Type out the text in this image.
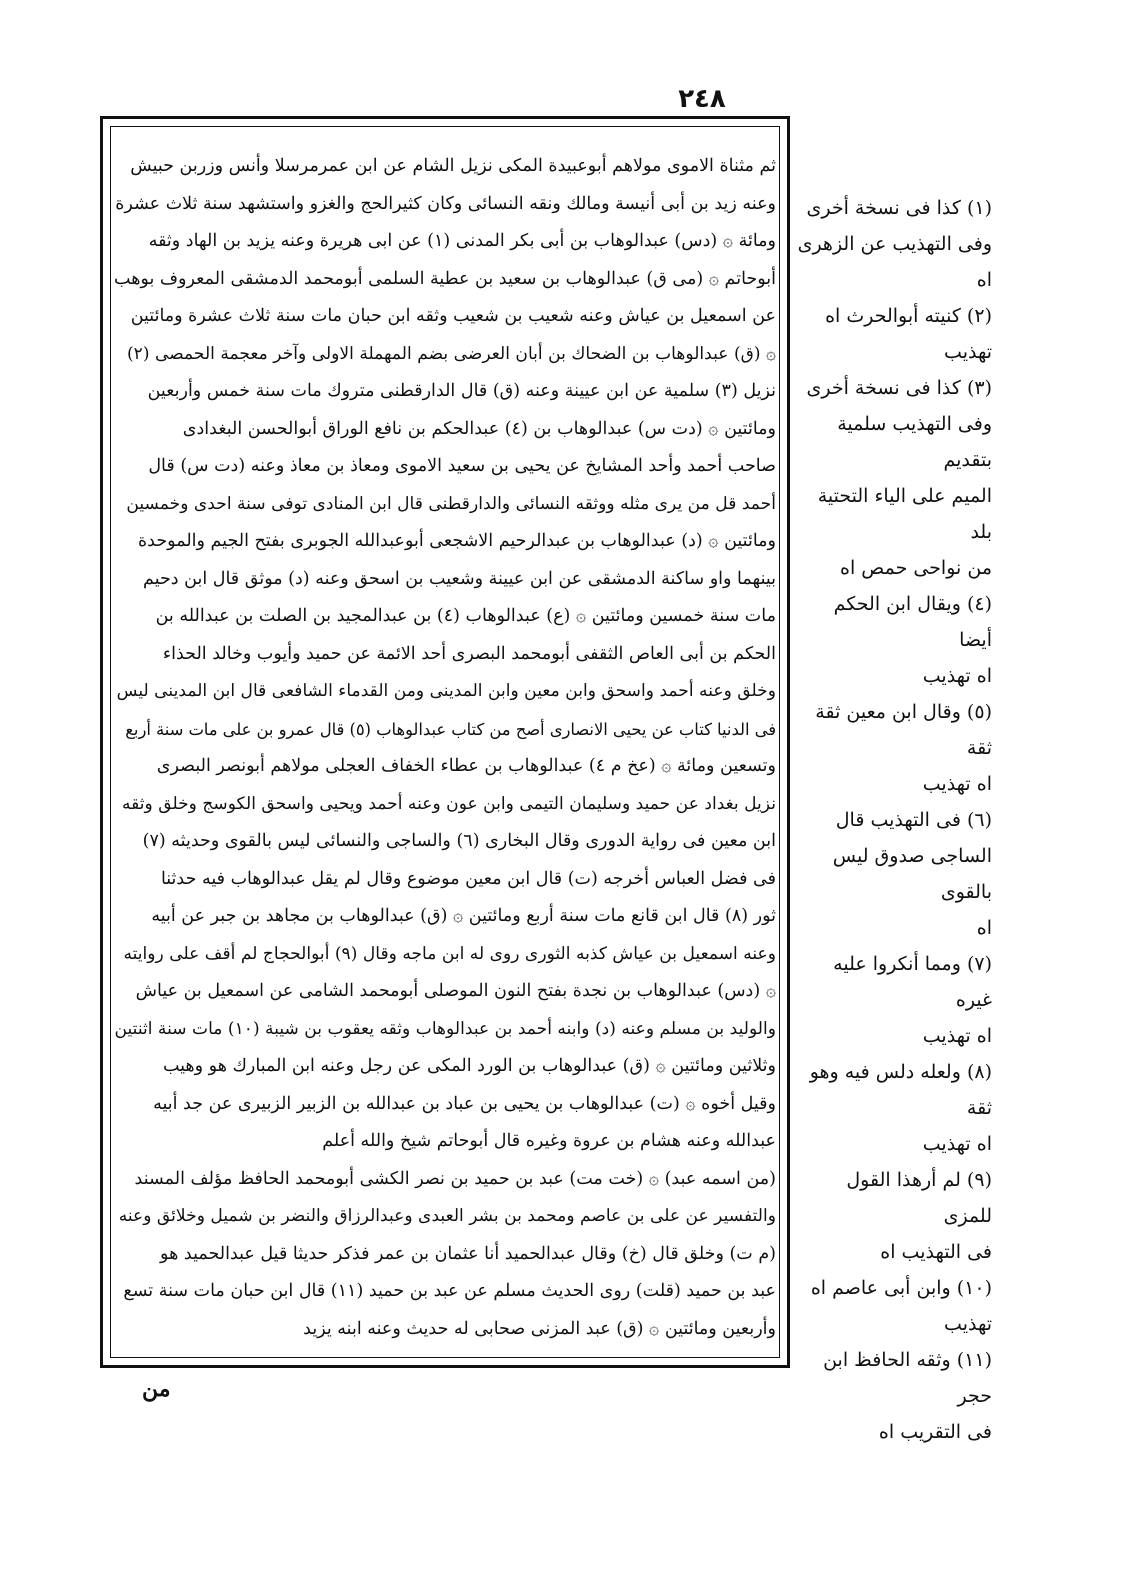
٢٤٨
ثم مثناة الاموى مولاهم أبوعبيدة المكى نزيل الشام عن ابن عمرمرسلا وأنس وزربن حبيش
وعنه زيد بن أبى أنيسة ومالك ونقه النسائى وكان كثيرالحج والغزو واستشهد سنة ثلاث عشرة
ومائة ۞ (دس) عبدالوهاب بن أبى بكر المدنى (١) عن ابى هريرة وعنه يزيد بن الهاد وثقه
أبوحاتم ۞ (مى ق) عبدالوهاب بن سعيد بن عطية السلمى أبومحمد الدمشقى المعروف بوهب
عن اسمعيل بن عياش وعنه شعيب بن شعيب وثقه ابن حبان مات سنة ثلاث عشرة ومائتين
۞ (ق) عبدالوهاب بن الضحاك بن أبان العرضى بضم المهملة الاولى وآخر معجمة الحمصى (٢)
نزيل (٣) سلمية عن ابن عيينة وعنه (ق) قال الدارقطنى متروك مات سنة خمس وأربعين
ومائتين ۞ (دت س) عبدالوهاب بن (٤) عبدالحكم بن نافع الوراق أبوالحسن البغدادى
صاحب أحمد وأحد المشايخ عن يحيى بن سعيد الاموى ومعاذ بن معاذ وعنه (دت س) قال
أحمد قل من يرى مثله ووثقه النسائى والدارقطنى قال ابن المنادى توفى سنة احدى وخمسين
ومائتين ۞ (د) عبدالوهاب بن عبدالرحيم الاشجعى أبوعبدالله الجوبرى بفتح الجيم والموحدة
بينهما واو ساكنة الدمشقى عن ابن عيينة وشعيب بن اسحق وعنه (د) موثق قال ابن دحيم
مات سنة خمسين ومائتين ۞ (ع) عبدالوهاب (٤) بن عبدالمجيد بن الصلت بن عبدالله بن
الحكم بن أبى العاص الثقفى أبومحمد البصرى أحد الائمة عن حميد وأيوب وخالد الحذاء
وخلق وعنه أحمد واسحق وابن معين وابن المدينى ومن القدماء الشافعى قال ابن المدينى ليس
فى الدنيا كتاب عن يحيى الانصارى أصح من كتاب عبدالوهاب (٥) قال عمرو بن على مات سنة أربع
وتسعين ومائة ۞ (عخ م ٤) عبدالوهاب بن عطاء الخفاف العجلى مولاهم أبونصر البصرى
نزيل بغداد عن حميد وسليمان التيمى وابن عون وعنه أحمد ويحيى واسحق الكوسج وخلق وثقه
ابن معين فى رواية الدورى وقال البخارى (٦) والساجى والنسائى ليس بالقوى وحديثه (٧)
فى فضل العباس أخرجه (ت) قال ابن معين موضوع وقال لم يقل عبدالوهاب فيه حدثنا
ثور (٨) قال ابن قانع مات سنة أربع ومائتين ۞ (ق) عبدالوهاب بن مجاهد بن جبر عن أبيه
وعنه اسمعيل بن عياش كذبه الثورى روى له ابن ماجه وقال (٩) أبوالحجاج لم أقف على روايته
۞ (دس) عبدالوهاب بن نجدة بفتح النون الموصلى أبومحمد الشامى عن اسمعيل بن عياش
والوليد بن مسلم وعنه (د) وابنه أحمد بن عبدالوهاب وثقه يعقوب بن شيبة (١٠) مات سنة اثنتين
وثلاثين ومائتين ۞ (ق) عبدالوهاب بن الورد المكى عن رجل وعنه ابن المبارك هو وهيب
وقيل أخوه ۞ (ت) عبدالوهاب بن يحيى بن عباد بن عبدالله بن الزبير الزبيرى عن جد أبيه
عبدالله وعنه هشام بن عروة وغيره قال أبوحاتم شيخ والله أعلم
(من اسمه عبد) ۞ (خت مت) عبد بن حميد بن نصر الكشى أبومحمد الحافظ مؤلف المسند
والتفسير عن على بن عاصم ومحمد بن بشر العبدى وعبدالرزاق والنضر بن شميل وخلائق وعنه
(م ت) وخلق قال (خ) وقال عبدالحميد أنا عثمان بن عمر فذكر حديثا قيل عبدالحميد هو
عبد بن حميد (قلت) روى الحديث مسلم عن عبد بن حميد (١١) قال ابن حبان مات سنة تسع
وأربعين ومائتين ۞ (ق) عبد المزنى صحابى له حديث وعنه ابنه يزيد
(١) كذا فى نسخة أخرى
وفى التهذيب عن الزهرى
اه
(٢) كنيته أبوالحرث اه
تهذيب
(٣) كذا فى نسخة أخرى
وفى التهذيب سلمية بتقديم
الميم على الياء التحتية بلد
من نواحى حمص اه
(٤) ويقال ابن الحكم أيضا
اه تهذيب
(٥) وقال ابن معين ثقة ثقة
اه تهذيب
(٦) فى التهذيب قال
الساجى صدوق ليس بالقوى
اه
(٧) ومما أنكروا عليه غيره
اه تهذيب
(٨) ولعله دلس فيه وهو ثقة
اه تهذيب
(٩) لم أرهذا القول للمزى
فى التهذيب اه
(١٠) وابن أبى عاصم اه
تهذيب
(١١) وثقه الحافظ ابن حجر
فى التقريب اه
من
